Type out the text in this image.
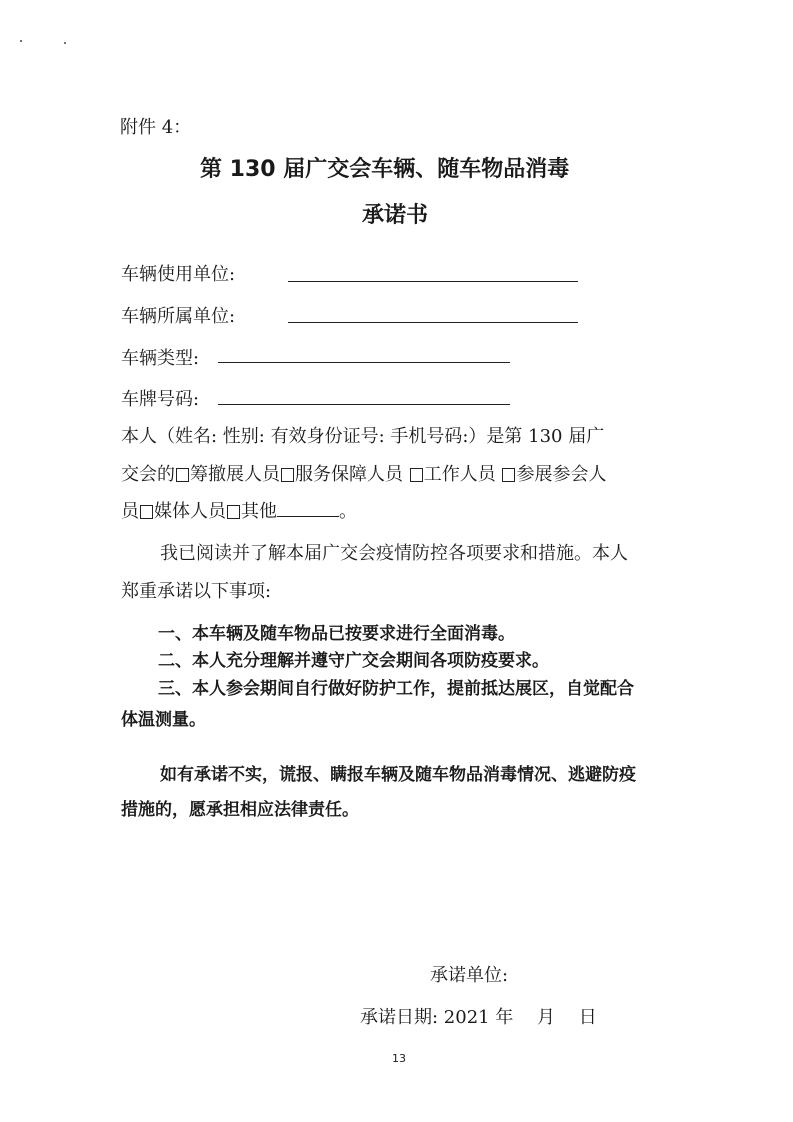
附件 4：
第 130 届广交会车辆、随车物品消毒
承诺书
车辆使用单位:
车辆所属单位:
车辆类型:
车牌号码:
本人（姓名: 性别: 有效身份证号: 手机号码:）是第 130 届广
交会的 筹撤展人员 服务保障人员 工作人员 参展参会人
员 媒体人员 其他	。
我已阅读并了解本届广交会疫情防控各项要求和措施。本人
郑重承诺以下事项:
一、本车辆及随车物品已按要求进行全面消毒。
二、本人充分理解并遵守广交会期间各项防疫要求。
三、本人参会期间自行做好防护工作，提前抵达展区，自觉配合
体温测量。
如有承诺不实，谎报、瞒报车辆及随车物品消毒情况、逃避防疫
措施的，愿承担相应法律责任。
承诺单位:
承诺日期: 2021 年　 月　 日
13
